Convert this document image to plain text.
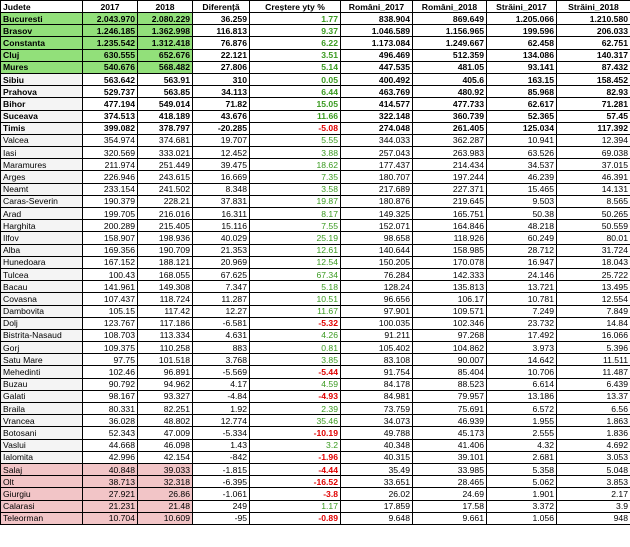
Judete	2017	2018	Diferență	Creștere yty %	Români_2017	Români_2018	Străini_2017	Străini_2018
Bucuresti	2.043.970	2.080.229	36.259	1.77	838.904	869.649	1.205.066	1.210.580
Brasov	1.246.185	1.362.998	116.813	9.37	1.046.589	1.156.965	199.596	206.033
Constanta	1.235.542	1.312.418	76.876	6.22	1.173.084	1.249.667	62.458	62.751
Cluj	630.555	652.676	22.121	3.51	496.469	512.359	134.086	140.317
Mures	540.676	568.482	27.806	5.14	447.535	481.05	93.141	87.432
Sibiu	563.642	563.91	310	0.05	400.492	405.6	163.15	158.452
Prahova	529.737	563.85	34.113	6.44	463.769	480.92	85.968	82.93
Bihor	477.194	549.014	71.82	15.05	414.577	477.733	62.617	71.281
Suceava	374.513	418.189	43.676	11.66	322.148	360.739	52.365	57.45
Timis	399.082	378.797	-20.285	-5.08	274.048	261.405	125.034	117.392
Valcea	354.974	374.681	19.707	5.55	344.033	362.287	10.941	12.394
Iasi	320.569	333.021	12.452	3.88	257.043	263.983	63.526	69.038
Maramures	211.974	251.449	39.475	18.62	177.437	214.434	34.537	37.015
Arges	226.946	243.615	16.669	7.35	180.707	197.244	46.239	46.391
Neamt	233.154	241.502	8.348	3.58	217.689	227.371	15.465	14.131
Caras-Severin	190.379	228.21	37.831	19.87	180.876	219.645	9.503	8.565
Arad	199.705	216.016	16.311	8.17	149.325	165.751	50.38	50.265
Harghita	200.289	215.405	15.116	7.55	152.071	164.846	48.218	50.559
Ilfov	158.907	198.936	40.029	25.19	98.658	118.926	60.249	80.01
Alba	169.356	190.709	21.353	12.61	140.644	158.985	28.712	31.724
Hunedoara	167.152	188.121	20.969	12.54	150.205	170.078	16.947	18.043
Tulcea	100.43	168.055	67.625	67.34	76.284	142.333	24.146	25.722
Bacau	141.961	149.308	7.347	5.18	128.24	135.813	13.721	13.495
Covasna	107.437	118.724	11.287	10.51	96.656	106.17	10.781	12.554
Dambovita	105.15	117.42	12.27	11.67	97.901	109.571	7.249	7.849
Dolj	123.767	117.186	-6.581	-5.32	100.035	102.346	23.732	14.84
Bistrita-Nasaud	108.703	113.334	4.631	4.26	91.211	97.268	17.492	16.066
Gorj	109.375	110.258	883	0.81	105.402	104.862	3.973	5.396
Satu Mare	97.75	101.518	3.768	3.85	83.108	90.007	14.642	11.511
Mehedinti	102.46	96.891	-5.569	-5.44	91.754	85.404	10.706	11.487
Buzau	90.792	94.962	4.17	4.59	84.178	88.523	6.614	6.439
Galati	98.167	93.327	-4.84	-4.93	84.981	79.957	13.186	13.37
Braila	80.331	82.251	1.92	2.39	73.759	75.691	6.572	6.56
Vrancea	36.028	48.802	12.774	35.46	34.073	46.939	1.955	1.863
Botosani	52.343	47.009	-5.334	-10.19	49.788	45.173	2.555	1.836
Vaslui	44.668	46.098	1.43	3.2	40.348	41.406	4.32	4.692
Ialomita	42.996	42.154	-842	-1.96	40.315	39.101	2.681	3.053
Salaj	40.848	39.033	-1.815	-4.44	35.49	33.985	5.358	5.048
Olt	38.713	32.318	-6.395	-16.52	33.651	28.465	5.062	3.853
Giurgiu	27.921	26.86	-1.061	-3.8	26.02	24.69	1.901	2.17
Calarasi	21.231	21.48	249	1.17	17.859	17.58	3.372	3.9
Teleorman	10.704	10.609	-95	-0.89	9.648	9.661	1.056	948
